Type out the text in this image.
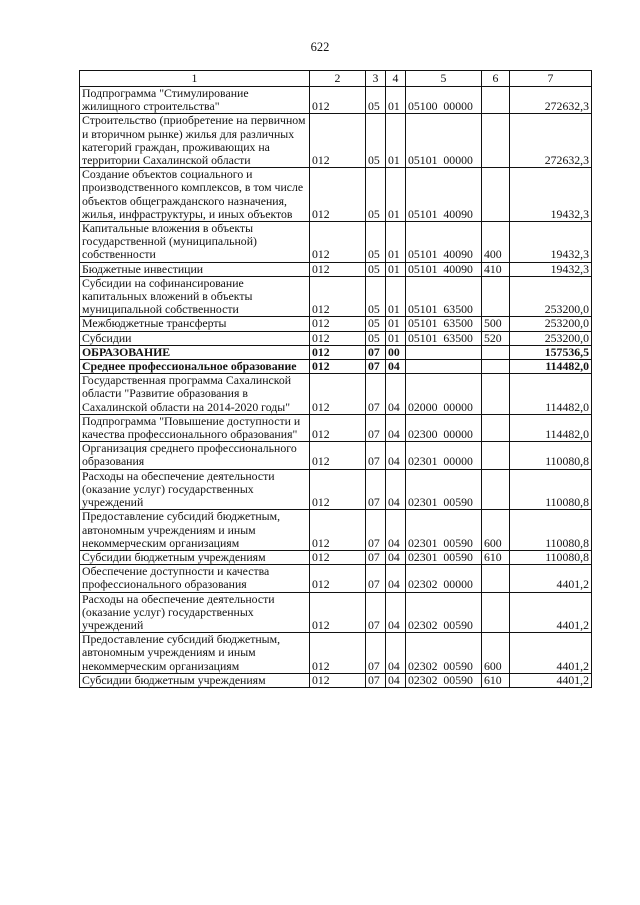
622
1	2	3	4	5	6	7
Подпрограмма "Стимулирование жилищного строительства"	012	05	01	05100  00000		272632,3
Строительство (приобретение на первичном и вторичном рынке) жилья для различных категорий граждан, проживающих на территории Сахалинской области	012	05	01	05101  00000		272632,3
Создание объектов социального и производственного комплексов, в том числе объектов общегражданского назначения, жилья, инфраструктуры, и иных объектов	012	05	01	05101  40090		19432,3
Капитальные вложения в объекты государственной (муниципальной) собственности	012	05	01	05101  40090	400	19432,3
Бюджетные инвестиции	012	05	01	05101  40090	410	19432,3
Субсидии на софинансирование капитальных вложений в объекты муниципальной собственности	012	05	01	05101  63500		253200,0
Межбюджетные трансферты	012	05	01	05101  63500	500	253200,0
Субсидии	012	05	01	05101  63500	520	253200,0
ОБРАЗОВАНИЕ	012	07	00			157536,5
Среднее профессиональное образование	012	07	04			114482,0
Государственная программа Сахалинской области "Развитие образования в Сахалинской области на 2014-2020 годы"	012	07	04	02000  00000		114482,0
Подпрограмма "Повышение доступности и качества профессионального образования"	012	07	04	02300  00000		114482,0
Организация среднего профессионального образования	012	07	04	02301  00000		110080,8
Расходы на обеспечение деятельности (оказание услуг) государственных учреждений	012	07	04	02301  00590		110080,8
Предоставление субсидий бюджетным, автономным учреждениям и иным некоммерческим организациям	012	07	04	02301  00590	600	110080,8
Субсидии бюджетным учреждениям	012	07	04	02301  00590	610	110080,8
Обеспечение доступности и качества профессионального образования	012	07	04	02302  00000		4401,2
Расходы на обеспечение деятельности (оказание услуг) государственных учреждений	012	07	04	02302  00590		4401,2
Предоставление субсидий бюджетным, автономным учреждениям и иным некоммерческим организациям	012	07	04	02302  00590	600	4401,2
Субсидии бюджетным учреждениям	012	07	04	02302  00590	610	4401,2
